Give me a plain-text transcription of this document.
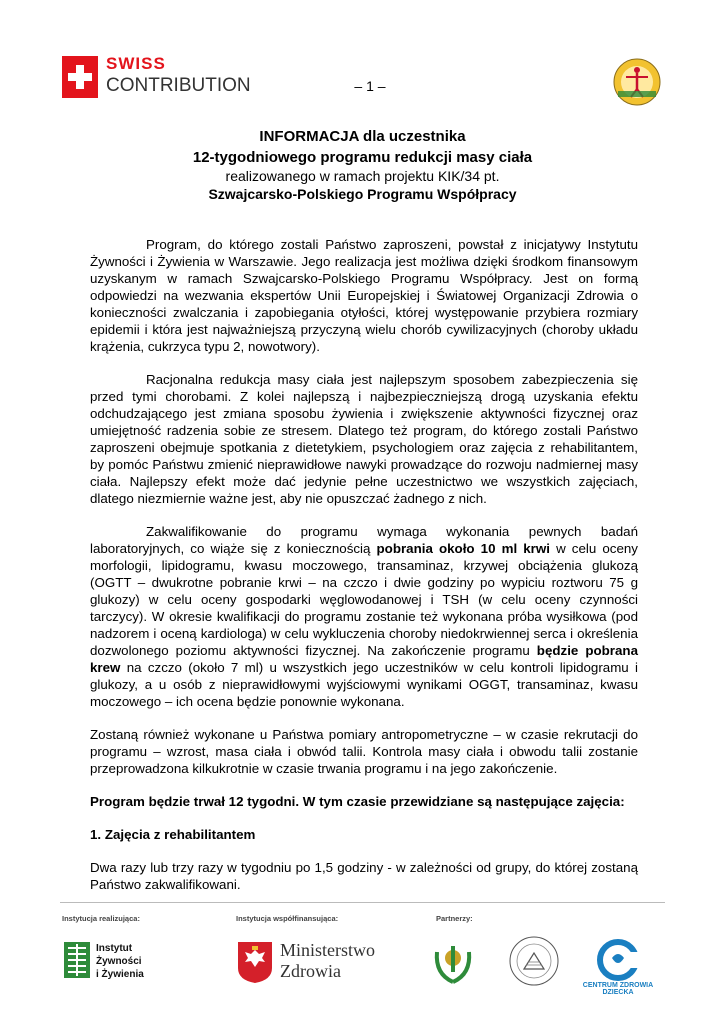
SWISS
CONTRIBUTION	– 1 –
INFORMACJA dla uczestnika
12-tygodniowego programu redukcji masy ciała
realizowanego w ramach projektu KIK/34 pt.
Szwajcarsko-Polskiego Programu Współpracy

Program, do którego zostali Państwo zaproszeni, powstał z inicjatywy Instytutu Żywności i Żywienia w Warszawie. Jego realizacja jest możliwa dzięki środkom finansowym uzyskanym w ramach Szwajcarsko-Polskiego Programu Współpracy. Jest on formą odpowiedzi na wezwania ekspertów Unii Europejskiej i Światowej Organizacji Zdrowia o konieczności zwalczania i zapobiegania otyłości, której występowanie przybiera rozmiary epidemii i która jest najważniejszą przyczyną wielu chorób cywilizacyjnych (choroby układu krążenia, cukrzyca typu 2, nowotwory).

Racjonalna redukcja masy ciała jest najlepszym sposobem zabezpieczenia się przed tymi chorobami. Z kolei najlepszą i najbezpieczniejszą drogą uzyskania efektu odchudzającego jest zmiana sposobu żywienia i zwiększenie aktywności fizycznej oraz umiejętność radzenia sobie ze stresem. Dlatego też program, do którego zostali Państwo zaproszeni obejmuje spotkania z dietetykiem, psychologiem oraz zajęcia z rehabilitantem, by pomóc Państwu zmienić nieprawidłowe nawyki prowadzące do rozwoju nadmiernej masy ciała. Najlepszy efekt może dać jedynie pełne uczestnictwo we wszystkich zajęciach, dlatego niezmiernie ważne jest, aby nie opuszczać żadnego z nich.

Zakwalifikowanie do programu wymaga wykonania pewnych badań laboratoryjnych, co wiąże się z koniecznością pobrania około 10 ml krwi w celu oceny morfologii, lipidogramu, kwasu moczowego, transaminaz, krzywej obciążenia glukozą (OGTT – dwukrotne pobranie krwi – na czczo i dwie godziny po wypiciu roztworu 75 g glukozy) w celu oceny gospodarki węglowodanowej i TSH (w celu oceny czynności tarczycy). W okresie kwalifikacji do programu zostanie też wykonana próba wysiłkowa (pod nadzorem i oceną kardiologa) w celu wykluczenia choroby niedokrwiennej serca i określenia dozwolonego poziomu aktywności fizycznej. Na zakończenie programu będzie pobrana krew na czczo (około 7 ml) u wszystkich jego uczestników w celu kontroli lipidogramu i glukozy, a u osób z nieprawidłowymi wyjściowymi wynikami OGGT, transaminaz, kwasu moczowego – ich ocena będzie ponownie wykonana.

Zostaną również wykonane u Państwa pomiary antropometryczne – w czasie rekrutacji do programu – wzrost, masa ciała i obwód talii. Kontrola masy ciała i obwodu talii zostanie przeprowadzona kilkukrotnie w czasie trwania programu i na jego zakończenie.

Program będzie trwał 12 tygodni. W tym czasie przewidziane są następujące zajęcia:

1. Zajęcia z rehabilitantem

Dwa razy lub trzy razy w tygodniu po 1,5 godziny - w zależności od grupy, do której zostaną Państwo zakwalifikowani.

Instytucja realizująca:	Instytucja współfinansująca:	Partnerzy:
Instytut
Żywności
i Żywienia
Ministerstwo
Zdrowia
CENTRUM ZDROWIA DZIECKA
